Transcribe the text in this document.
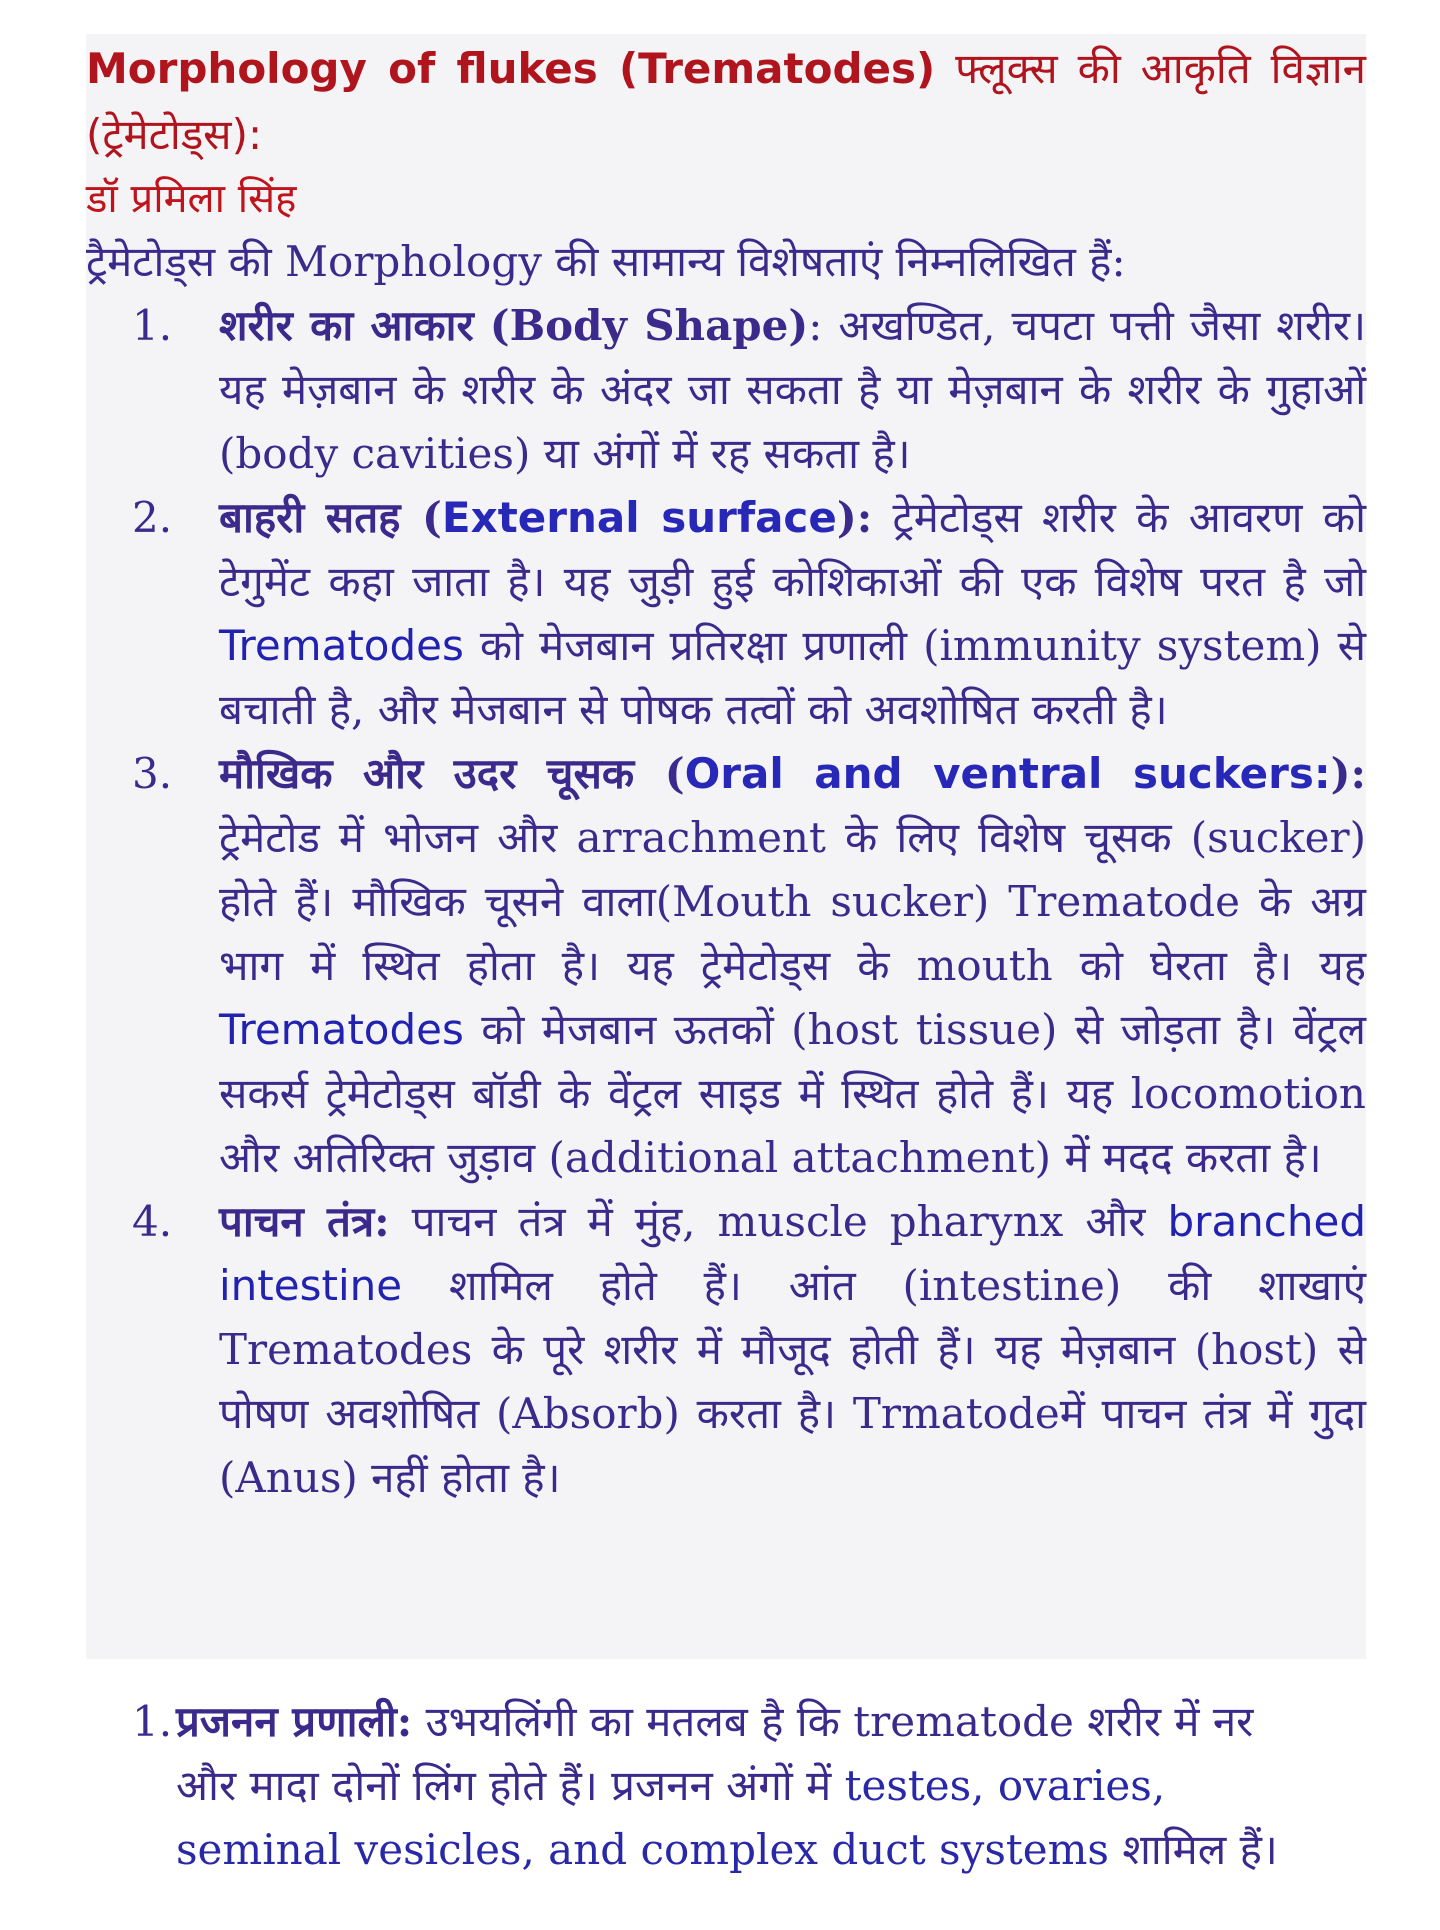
Morphology of flukes (Trematodes) फ्लूक्स की आकृति विज्ञान (ट्रेमेटोड्स):

डॉ प्रमिला सिंह

ट्रैमेटोड्स की Morphology की सामान्य विशेषताएं निम्नलिखित हैं:

1. शरीर का आकार (Body Shape): अखण्डित, चपटा पत्ती जैसा शरीर। यह मेज़बान के शरीर के अंदर जा सकता है या मेज़बान के शरीर के गुहाओं (body cavities) या अंगों में रह सकता है।
2. बाहरी सतह (External surface): ट्रेमेटोड्स शरीर के आवरण को टेगुमेंट कहा जाता है। यह जुड़ी हुई कोशिकाओं की एक विशेष परत है जो Trematodes को मेजबान प्रतिरक्षा प्रणाली (immunity system) से बचाती है, और मेजबान से पोषक तत्वों को अवशोषित करती है।
3. मौखिक और उदर चूसक (Oral and ventral suckers:): ट्रेमेटोड में भोजन और arrachment के लिए विशेष चूसक (sucker) होते हैं। मौखिक चूसने वाला(Mouth sucker) Trematode के अग्र भाग में स्थित होता है। यह ट्रेमेटोड्स के mouth को घेरता है। यह Trematodes को मेजबान ऊतकों (host tissue) से जोड़ता है। वेंट्रल सकर्स ट्रेमेटोड्स बॉडी के वेंट्रल साइड में स्थित होते हैं। यह locomotion और अतिरिक्त जुड़ाव (additional attachment) में मदद करता है।
4. पाचन तंत्र: पाचन तंत्र में मुंह, muscle pharynx और branched intestine शामिल होते हैं। आंत (intestine) की शाखाएं Trematodes के पूरे शरीर में मौजूद होती हैं। यह मेज़बान (host) से पोषण अवशोषित (Absorb) करता है। Trmatodeमें पाचन तंत्र में गुदा (Anus) नहीं होता है।
1. प्रजनन प्रणाली: उभयलिंगी का मतलब है कि trematode शरीर में नर और मादा दोनों लिंग होते हैं। प्रजनन अंगों में testes, ovaries, seminal vesicles, and complex duct systems शामिल हैं।
